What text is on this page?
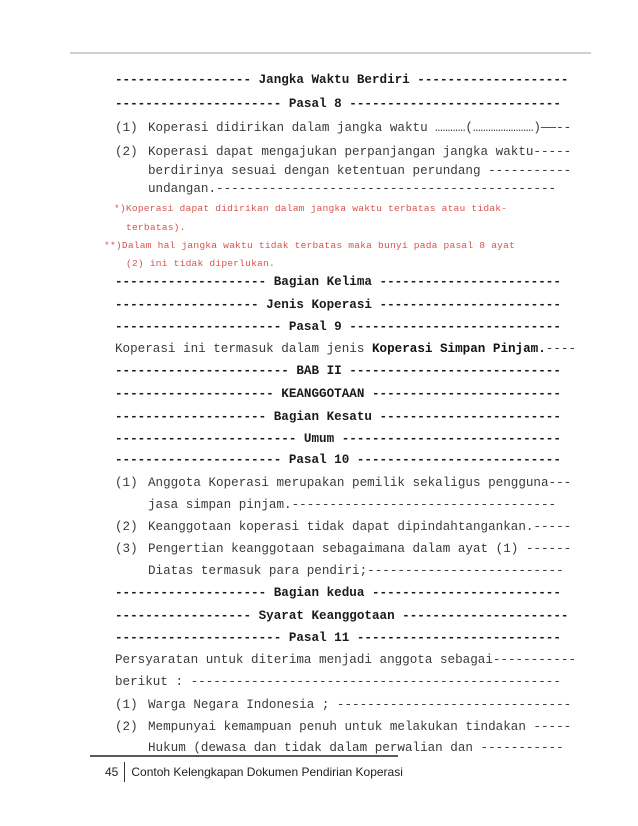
------------------ Jangka Waktu Berdiri --------------------
---------------------- Pasal 8 ----------------------------
(1) Koperasi didirikan dalam jangka waktu …………(……………………)——--
(2) Koperasi dapat mengajukan perpanjangan jangka waktu-----
berdirinya sesuai dengan ketentuan perundang -----------
undangan.---------------------------------------------
*)Koperasi dapat didirikan dalam jangka waktu terbatas atau tidak-
terbatas).
**)Dalam hal jangka waktu tidak terbatas maka bunyi pada pasal 8 ayat
(2) ini tidak diperlukan.
-------------------- Bagian Kelima ------------------------
------------------- Jenis Koperasi ------------------------
---------------------- Pasal 9 ----------------------------
Koperasi ini termasuk dalam jenis Koperasi Simpan Pinjam.----
----------------------- BAB II ----------------------------
--------------------- KEANGGOTAAN -------------------------
-------------------- Bagian Kesatu ------------------------
------------------------ Umum -----------------------------
---------------------- Pasal 10 ---------------------------
(1) Anggota Koperasi merupakan pemilik sekaligus pengguna---
jasa simpan pinjam.-----------------------------------
(2) Keanggotaan koperasi tidak dapat dipindahtangankan.-----
(3) Pengertian keanggotaan sebagaimana dalam ayat (1) ------
Diatas termasuk para pendiri;--------------------------
-------------------- Bagian kedua -------------------------
------------------ Syarat Keanggotaan ----------------------
---------------------- Pasal 11 ---------------------------
Persyaratan untuk diterima menjadi anggota sebagai-----------
berikut : -------------------------------------------------
(1) Warga Negara Indonesia ; -------------------------------
(2) Mempunyai kemampuan penuh untuk melakukan tindakan -----
Hukum (dewasa dan tidak dalam perwalian dan -----------
45	Contoh Kelengkapan Dokumen Pendirian Koperasi
